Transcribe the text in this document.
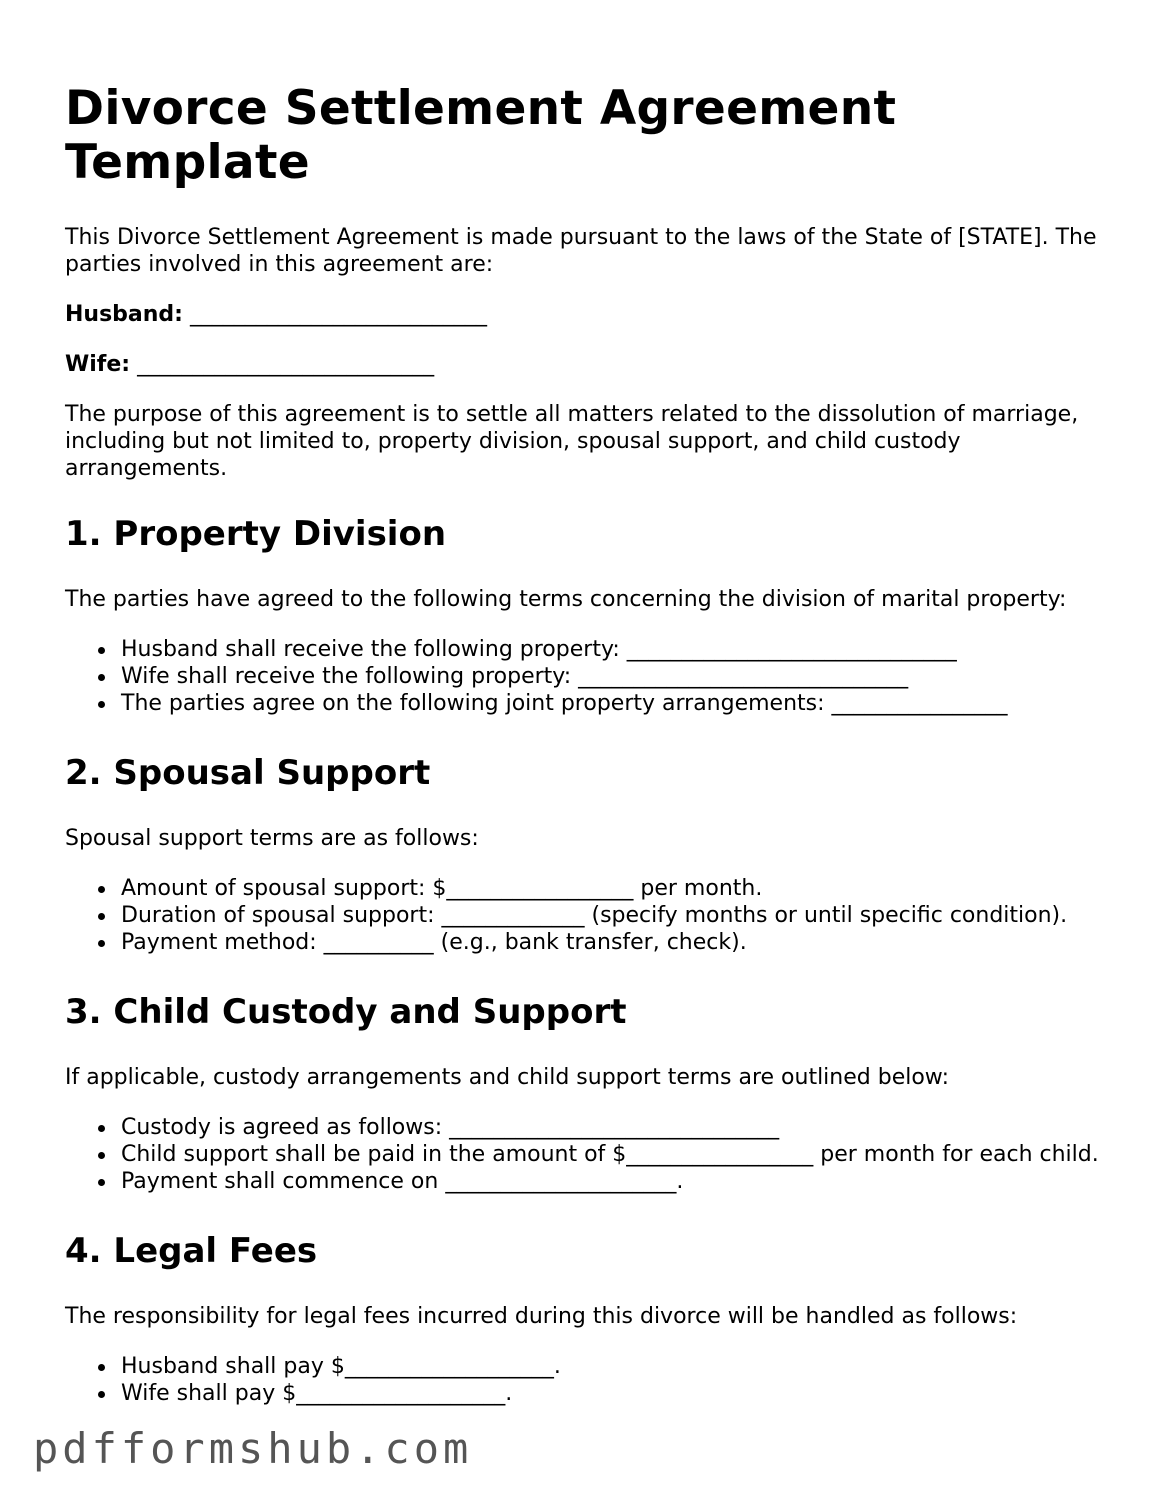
Divorce Settlement Agreement Template

This Divorce Settlement Agreement is made pursuant to the laws of the State of [STATE]. The parties involved in this agreement are:

Husband: ___________________________
Wife: ___________________________

The purpose of this agreement is to settle all matters related to the dissolution of marriage, including but not limited to, property division, spousal support, and child custody arrangements.

1. Property Division

The parties have agreed to the following terms concerning the division of marital property:

Husband shall receive the following property: ______________________________
Wife shall receive the following property: ______________________________
The parties agree on the following joint property arrangements: ________________
2. Spousal Support

Spousal support terms are as follows:

Amount of spousal support: $_________________ per month.
Duration of spousal support: _____________ (specify months or until specific condition).
Payment method: __________ (e.g., bank transfer, check).
3. Child Custody and Support

If applicable, custody arrangements and child support terms are outlined below:

Custody is agreed as follows: ______________________________
Child support shall be paid in the amount of $_________________ per month for each child.
Payment shall commence on _____________________.
4. Legal Fees

The responsibility for legal fees incurred during this divorce will be handled as follows:

Husband shall pay $___________________.
Wife shall pay $___________________.
pdfformshub.com
